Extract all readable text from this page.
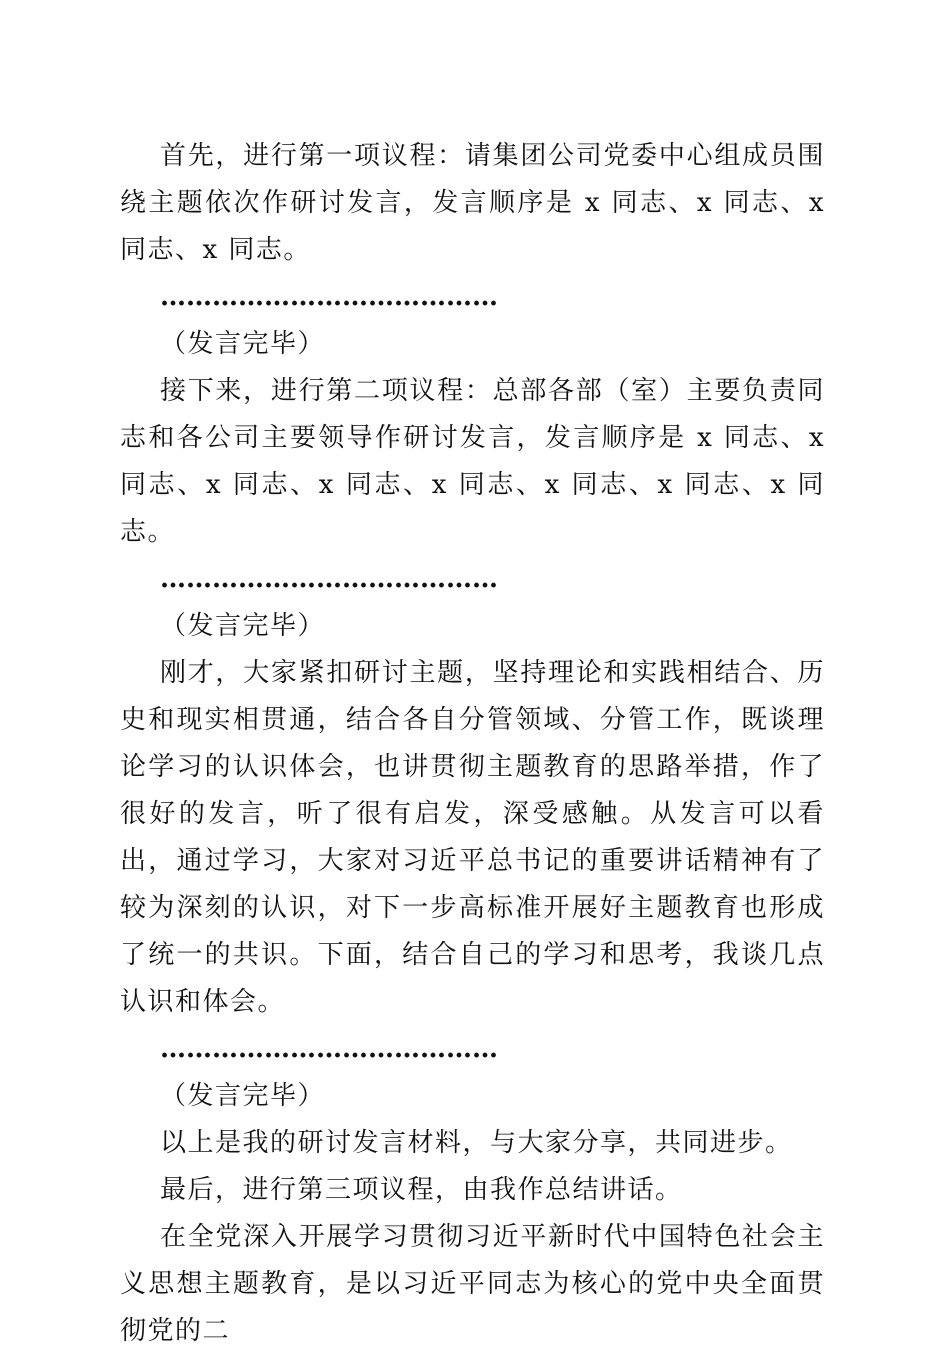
首先，进行第一项议程：请集团公司党委中心组成员围绕主题依次作研讨发言，发言顺序是 x 同志、x 同志、x 同志、x 同志。

…………………………………

（发言完毕）

接下来，进行第二项议程：总部各部（室）主要负责同志和各公司主要领导作研讨发言，发言顺序是 x 同志、x 同志、x 同志、x 同志、x 同志、x 同志、x 同志、x 同志。

…………………………………

（发言完毕）

刚才，大家紧扣研讨主题，坚持理论和实践相结合、历史和现实相贯通，结合各自分管领域、分管工作，既谈理论学习的认识体会，也讲贯彻主题教育的思路举措，作了很好的发言，听了很有启发，深受感触。从发言可以看出，通过学习，大家对习近平总书记的重要讲话精神有了较为深刻的认识，对下一步高标准开展好主题教育也形成了统一的共识。下面，结合自己的学习和思考，我谈几点认识和体会。

…………………………………

（发言完毕）

以上是我的研讨发言材料，与大家分享，共同进步。

最后，进行第三项议程，由我作总结讲话。

在全党深入开展学习贯彻习近平新时代中国特色社会主义思想主题教育，是以习近平同志为核心的党中央全面贯彻党的二
